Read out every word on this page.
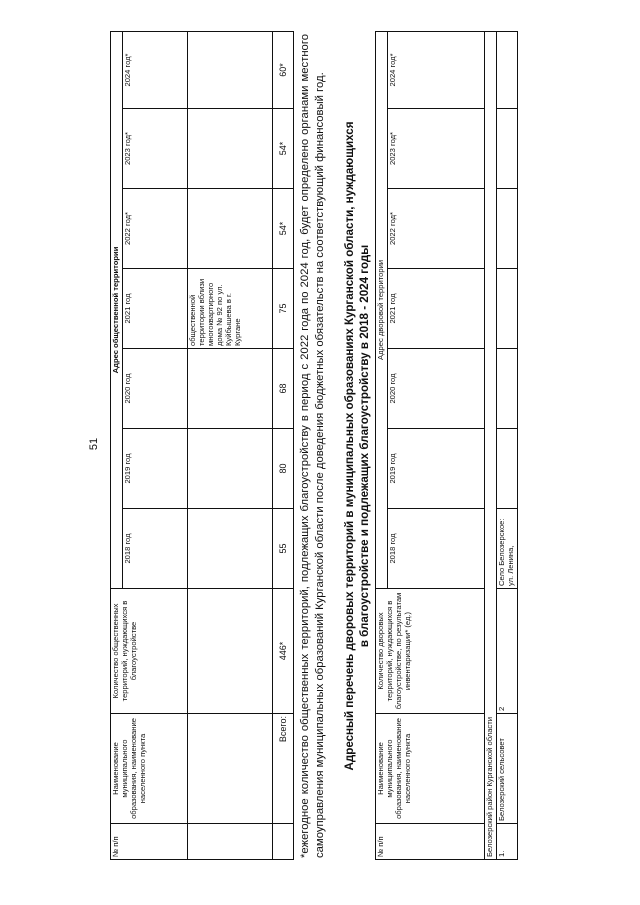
51
№ п/п	Наименование муниципального образования, наименование населенного пункта	Количество общественных территорий, нуждающихся в благоустройстве	Адрес общественной территории						
			2018 год	2019 год	2020 год	2021 год	2022 год*	2023 год*	2024 год*
						общественной территории вблизи многоквартирного дома № 92 по ул. Куйбышева в г. Кургане			
	Всего:	446*	55	80	68	75	54*	54*	60* *ежегодное количество общественных территорий, подлежащих благоустройству в период с 2022 года по 2024 год, будет определено органами местного самоуправления муниципальных образований Курганской области после доведения бюджетных обязательств на соответствующий финансовый год. Адресный перечень дворовых территорий в муниципальных образованиях Курганской области, нуждающихся в благоустройстве и подлежащих благоустройству в 2018 - 2024 годы
№ п/п	Наименование муниципального образования, наименование населенного пункта	Количество дворовых территорий, нуждающихся в благоустройстве, по результатам инвентаризации* (ед.)	Адрес дворовой территории						
			2018 год	2019 год	2020 год	2021 год	2022 год*	2023 год*	2024 год*
Белозерский район Курганской области									
1.	Белозерский сельсовет	2	Село Белозерское: ул. Ленина,						
